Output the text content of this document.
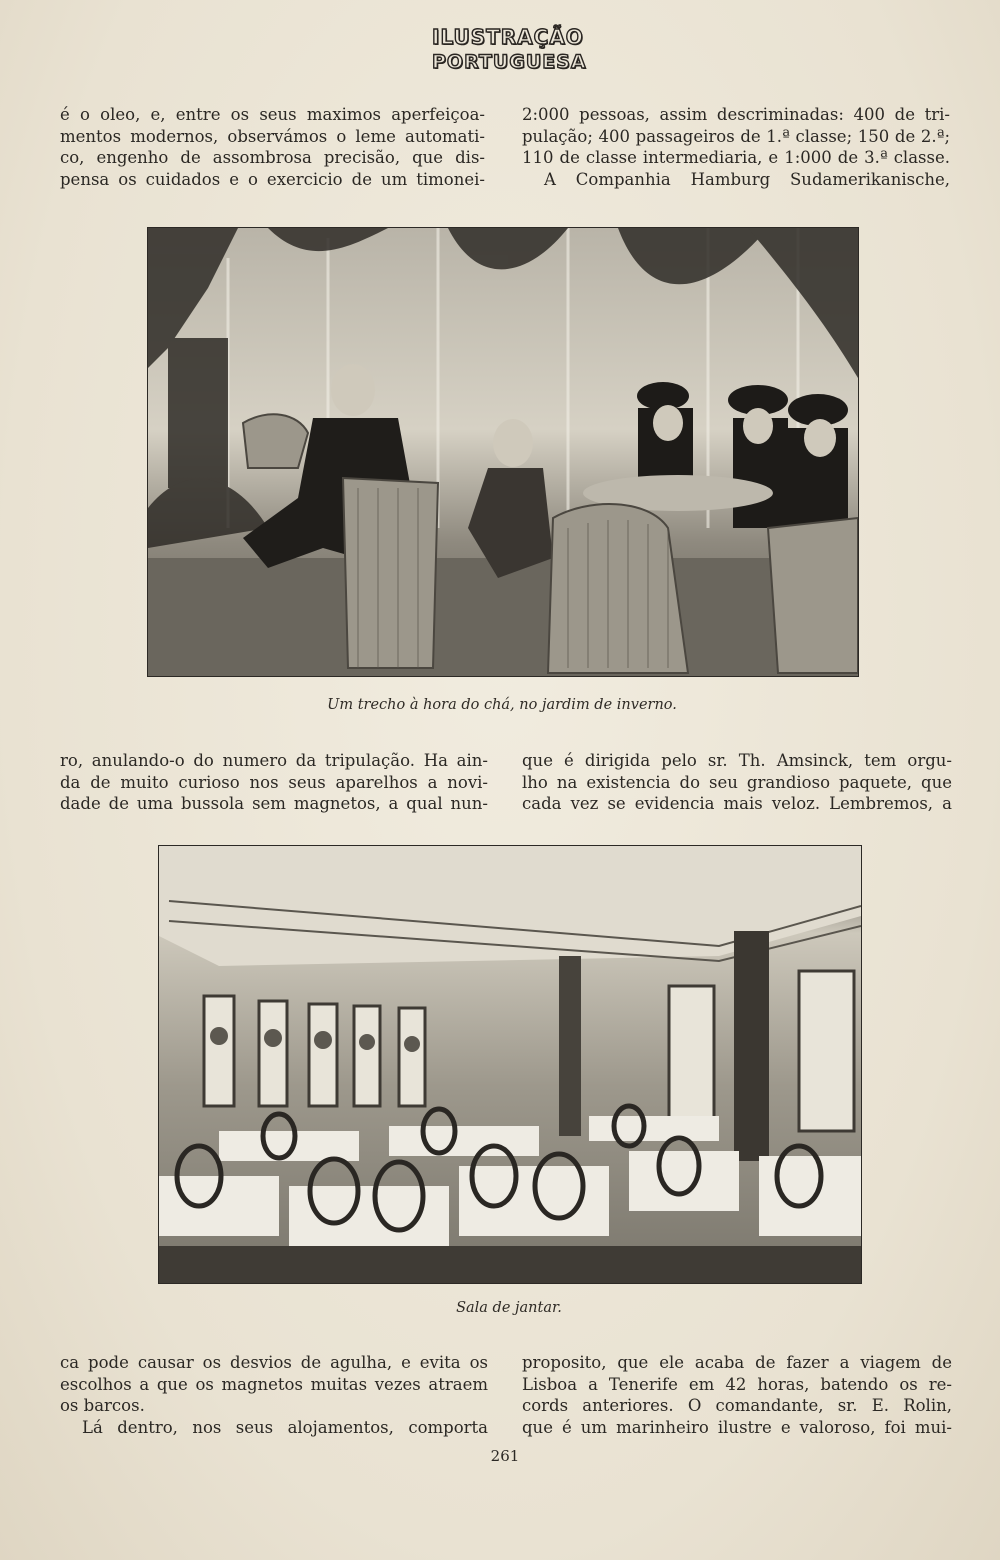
ILUSTRAÇÃO
PORTUGUESA

é o oleo, e, entre os seus maximos aperfeiçoa-

mentos modernos, observámos o leme automati-

co, engenho de assombrosa precisão, que dis-

pensa os cuidados e o exercicio de um timonei-

2:000 pessoas, assim descriminadas: 400 de tri-

pulação; 400 passageiros de 1.ª classe; 150 de 2.ª;

110 de classe intermediaria, e 1:000 de 3.ª classe.

A Companhia Hamburg Sudamerikanische,

Um trecho à hora do chá, no jardim de inverno.

ro, anulando-o do numero da tripulação. Ha ain-

da de muito curioso nos seus aparelhos a novi-

dade de uma bussola sem magnetos, a qual nun-

que é dirigida pelo sr. Th. Amsinck, tem orgu-

lho na existencia do seu grandioso paquete, que

cada vez se evidencia mais veloz. Lembremos, a

Sala de jantar.

ca pode causar os desvios de agulha, e evita os

escolhos a que os magnetos muitas vezes atraem

os barcos.

Lá dentro, nos seus alojamentos, comporta

proposito, que ele acaba de fazer a viagem de

Lisboa a Tenerife em 42 horas, batendo os re-

cords anteriores. O comandante, sr. E. Rolin,

que é um marinheiro ilustre e valoroso, foi mui-

261
